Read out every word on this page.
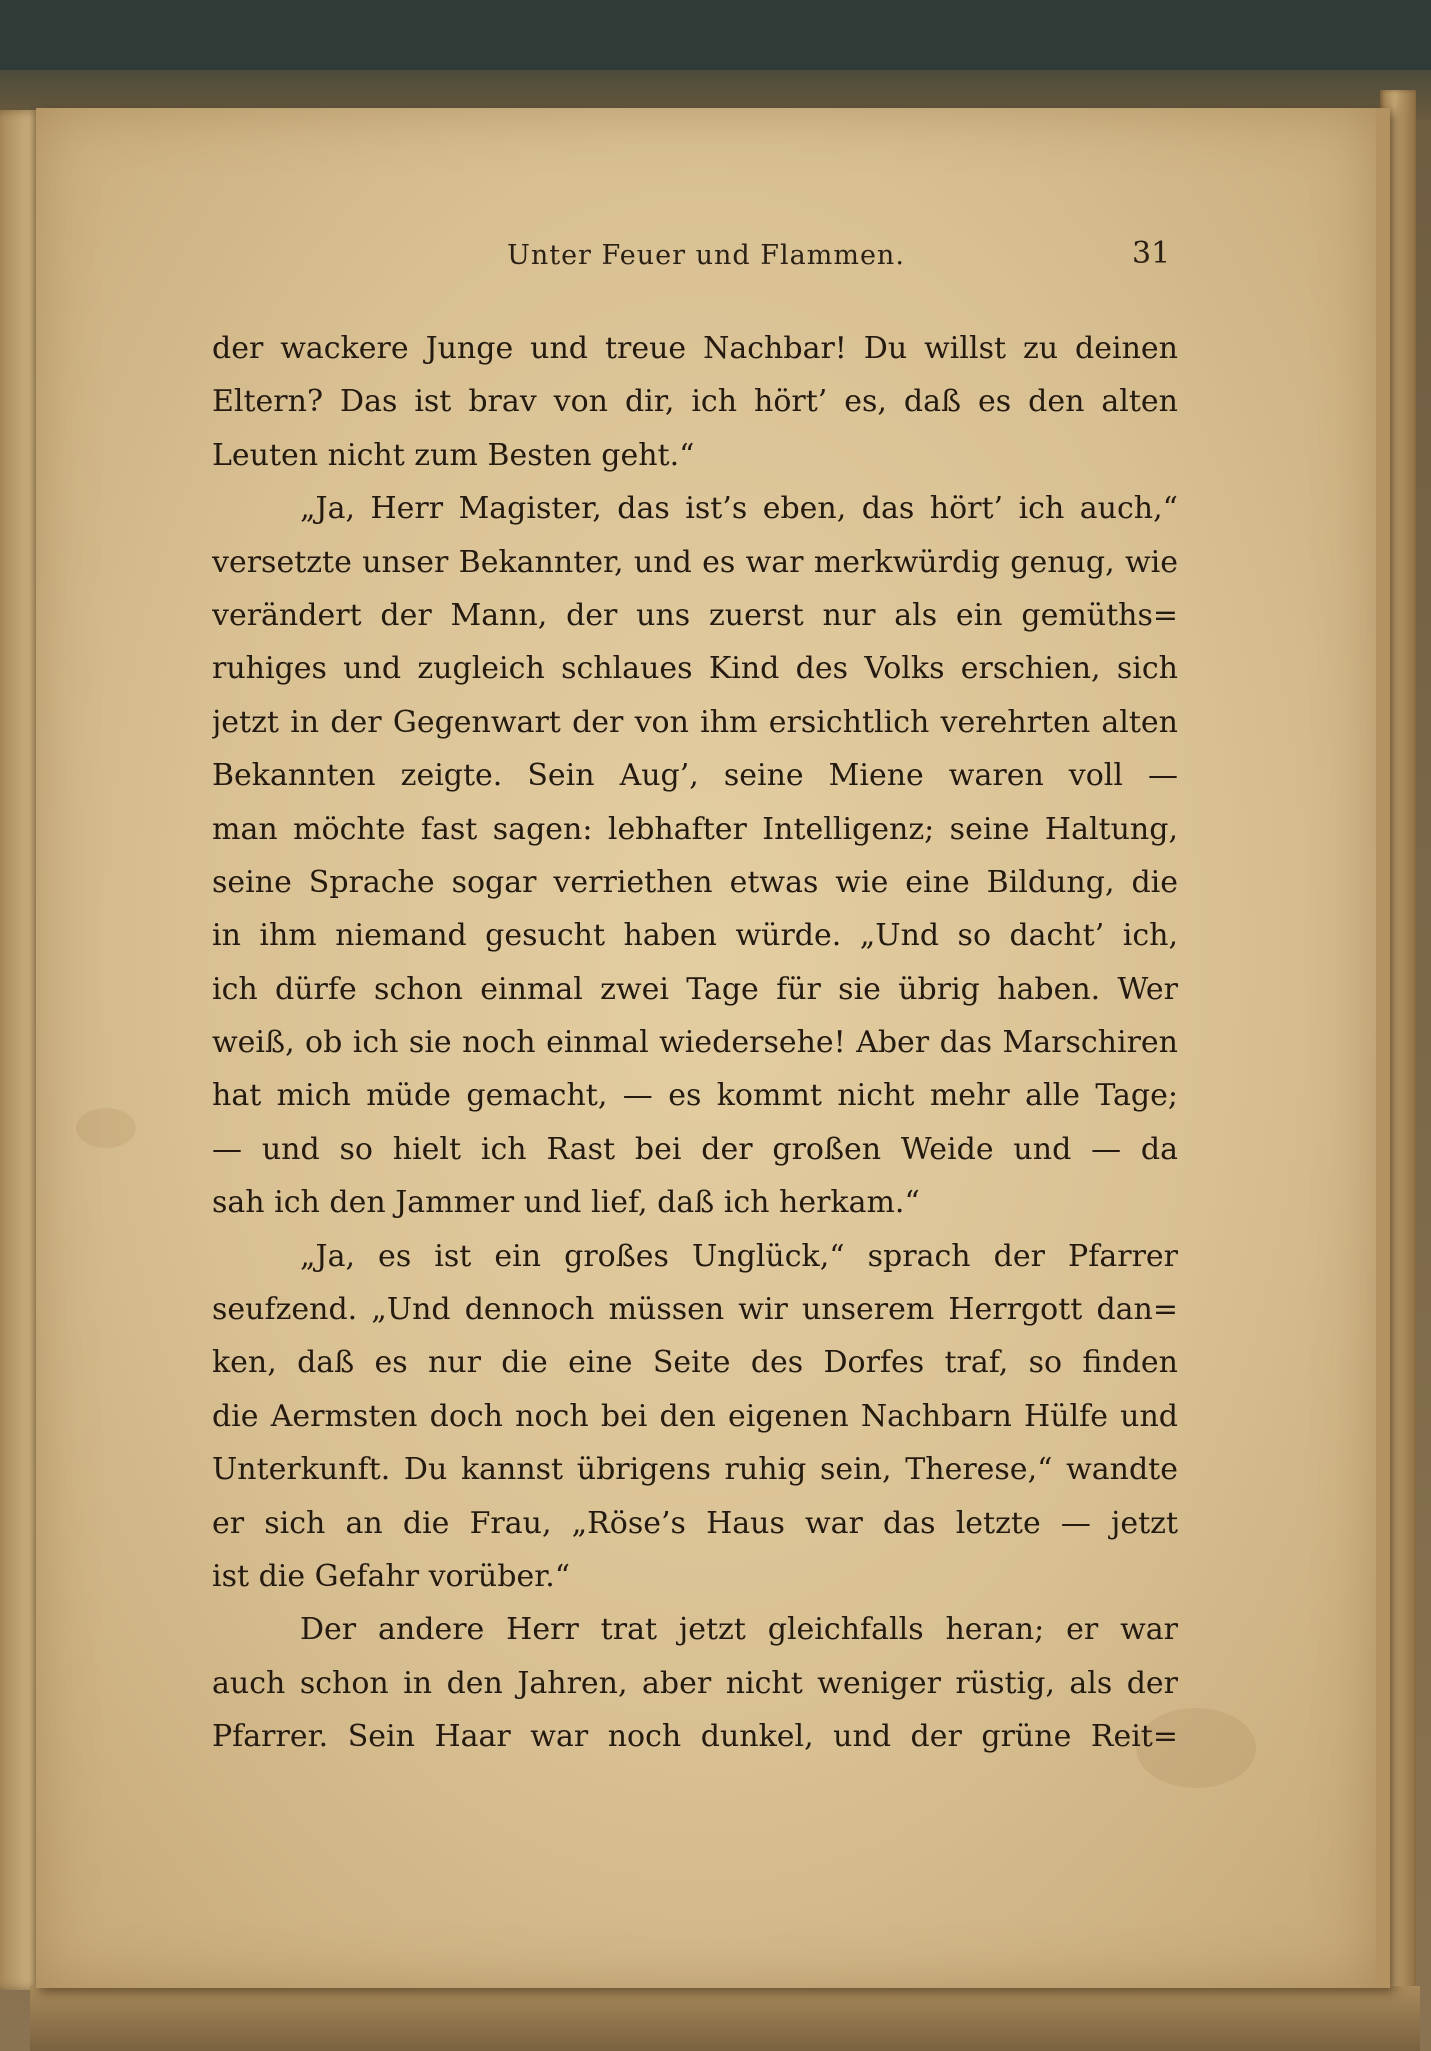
Unter Feuer und Flammen.	31
der wackere Junge und treue Nachbar! Du willst zu deinen
Eltern? Das ist brav von dir, ich hört’ es, daß es den alten
Leuten nicht zum Besten geht.“
„Ja, Herr Magister, das ist’s eben, das hört’ ich auch,“
versetzte unser Bekannter, und es war merkwürdig genug, wie
verändert der Mann, der uns zuerst nur als ein gemüths=
ruhiges und zugleich schlaues Kind des Volks erschien, sich
jetzt in der Gegenwart der von ihm ersichtlich verehrten alten
Bekannten zeigte. Sein Aug’, seine Miene waren voll —
man möchte fast sagen: lebhafter Intelligenz; seine Haltung,
seine Sprache sogar verriethen etwas wie eine Bildung, die
in ihm niemand gesucht haben würde. „Und so dacht’ ich,
ich dürfe schon einmal zwei Tage für sie übrig haben. Wer
weiß, ob ich sie noch einmal wiedersehe! Aber das Marschiren
hat mich müde gemacht, — es kommt nicht mehr alle Tage;
— und so hielt ich Rast bei der großen Weide und — da
sah ich den Jammer und lief, daß ich herkam.“
„Ja, es ist ein großes Unglück,“ sprach der Pfarrer
seufzend. „Und dennoch müssen wir unserem Herrgott dan=
ken, daß es nur die eine Seite des Dorfes traf, so finden
die Aermsten doch noch bei den eigenen Nachbarn Hülfe und
Unterkunft. Du kannst übrigens ruhig sein, Therese,“ wandte
er sich an die Frau, „Röse’s Haus war das letzte — jetzt
ist die Gefahr vorüber.“
Der andere Herr trat jetzt gleichfalls heran; er war
auch schon in den Jahren, aber nicht weniger rüstig, als der
Pfarrer. Sein Haar war noch dunkel, und der grüne Reit=
